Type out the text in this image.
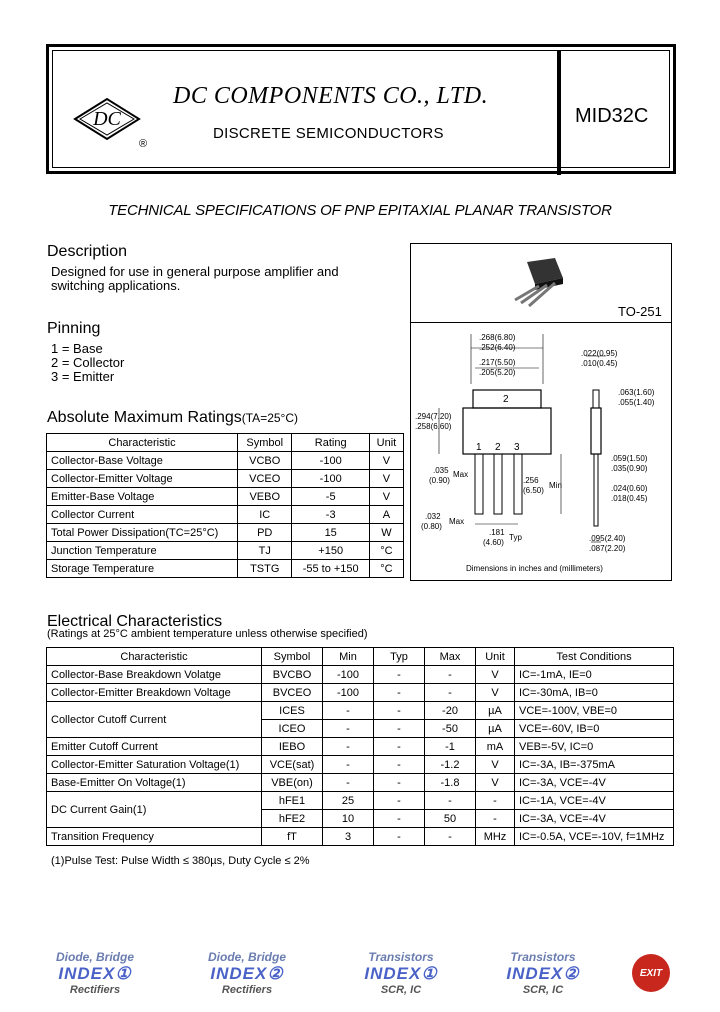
DC
®
DC COMPONENTS CO., LTD.
DISCRETE SEMICONDUCTORS
MID32C
TECHNICAL SPECIFICATIONS OF PNP EPITAXIAL PLANAR TRANSISTOR
Description
Designed for use in general purpose amplifier and
switching applications.
Pinning
1 = Base
2 = Collector
3 = Emitter
TO-251
.268(6.80)
.252(6.40)
.217(5.50)
.205(5.20)
.294(7.20)
.258(6.60)
.022(0.95)
.010(0.45)
.063(1.60)
.055(1.40)
.035
(0.90)
Max
.059(1.50)
.035(0.90)
.256
(6.50)
Min	.024(0.60)
.018(0.45)
.032
(0.80)
Max
.181
(4.60)
Typ	.095(2.40)
.087(2.20)
2
1 2 3
Dimensions in inches and (millimeters)
Absolute Maximum Ratings(TA=25°C)
Characteristic	Symbol	Rating	Unit
Collector-Base Voltage	VCBO	-100	V
Collector-Emitter Voltage	VCEO	-100	V
Emitter-Base Voltage	VEBO	-5	V
Collector Current	IC	-3	A
Total Power Dissipation(TC=25°C)	PD	15	W
Junction Temperature	TJ	+150	°C
Storage Temperature	TSTG	-55 to +150	°C
Electrical Characteristics
(Ratings at 25°C ambient temperature unless otherwise specified)
Characteristic	Symbol	Min	Typ	Max	Unit	Test Conditions
Collector-Base Breakdown Volatge	BVCBO	-100	-	-	V	IC=-1mA, IE=0
Collector-Emitter Breakdown Voltage	BVCEO	-100	-	-	V	IC=-30mA, IB=0
Collector Cutoff Current	ICES	-	-	-20	µA	VCE=-100V, VBE=0
	ICEO	-	-	-50	µA	VCE=-60V, IB=0
Emitter Cutoff Current	IEBO	-	-	-1	mA	VEB=-5V, IC=0
Collector-Emitter Saturation Voltage(1)	VCE(sat)	-	-	-1.2	V	IC=-3A, IB=-375mA
Base-Emitter On Voltage(1)	VBE(on)	-	-	-1.8	V	IC=-3A, VCE=-4V
DC Current Gain(1)	hFE1	25	-	-	-	IC=-1A, VCE=-4V
	hFE2	10	-	50	-	IC=-3A, VCE=-4V
Transition Frequency	fT	3	-	-	MHz	IC=-0.5A, VCE=-10V, f=1MHz
(1)Pulse Test: Pulse Width ≤ 380µs, Duty Cycle ≤ 2%
Diode, Bridge
INDEX①
Rectifiers
Diode, Bridge
INDEX②
Rectifiers
Transistors
INDEX①
SCR, IC
Transistors
INDEX②
SCR, IC
EXIT
